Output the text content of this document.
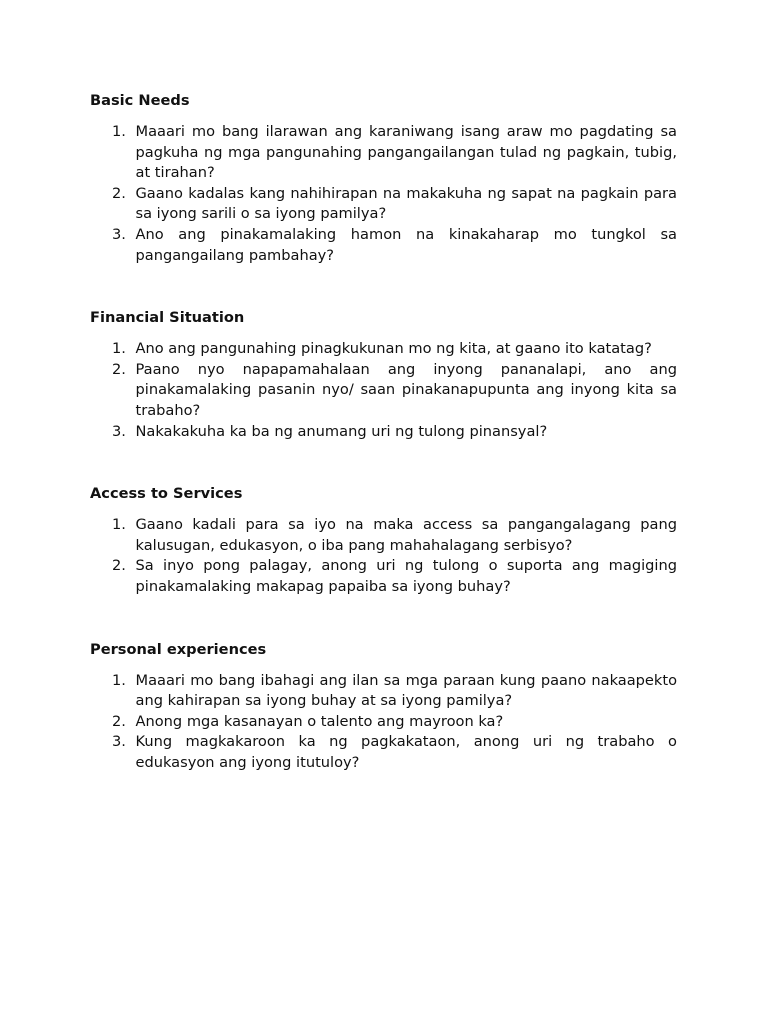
Basic Needs
1. Maaari mo bang ilarawan ang karaniwang isang araw mo pagdating sa pagkuha ng mga pangunahing pangangailangan tulad ng pagkain, tubig, at tirahan?
2. Gaano kadalas kang nahihirapan na makakuha ng sapat na pagkain para sa iyong sarili o sa iyong pamilya?
3. Ano ang pinakamalaking hamon na kinakaharap mo tungkol sa pangangailang pambahay?
Financial Situation
1. Ano ang pangunahing pinagkukunan mo ng kita, at gaano ito katatag?
2. Paano nyo napapamahalaan ang inyong pananalapi, ano ang pinakamalaking pasanin nyo/ saan pinakanapupunta ang inyong kita sa trabaho?
3. Nakakakuha ka ba ng anumang uri ng tulong pinansyal?
Access to Services
1. Gaano kadali para sa iyo na maka access sa pangangalagang pang kalusugan, edukasyon, o iba pang mahahalagang serbisyo?
2. Sa inyo pong palagay, anong uri ng tulong o suporta ang magiging pinakamalaking makapag papaiba sa iyong buhay?
Personal experiences
1. Maaari mo bang ibahagi ang ilan sa mga paraan kung paano nakaapekto ang kahirapan sa iyong buhay at sa iyong pamilya?
2. Anong mga kasanayan o talento ang mayroon ka?
3. Kung magkakaroon ka ng pagkakataon, anong uri ng trabaho o edukasyon ang iyong itutuloy?
